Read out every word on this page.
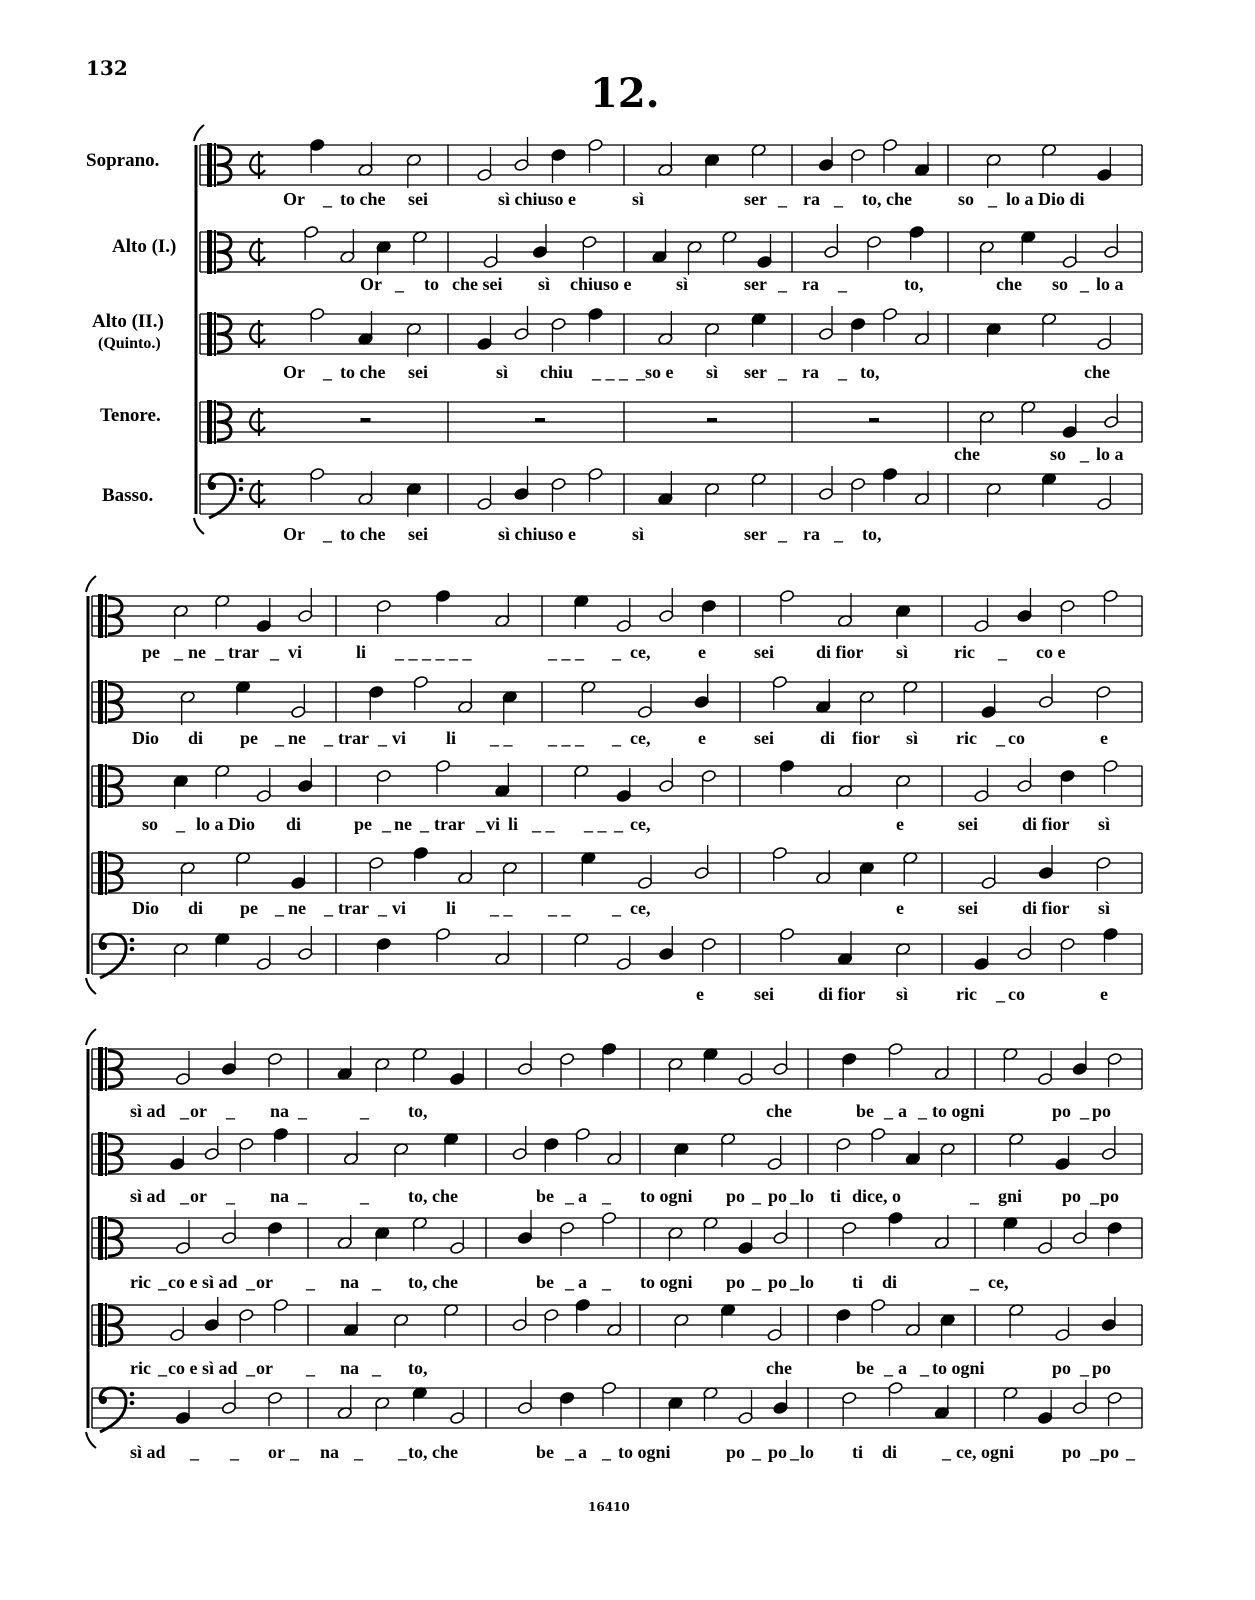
132
12.
16410
Soprano.
Alto (I.)
Alto (II.)
(Quinto.)
Tenore.
Basso.
Or _ to che sei	sì chiuso e	sì	ser _ ra _ to, che	so _ lo a Dio di
Or _ to che sei sì chiuso e sì	ser _ ra _	to,	che so _ lo a
Or _ to che sei	sì chiu _ _ _ _so e sì ser _ ra _ to,	che
che	so _ lo a
Or _ to che sei	sì chiuso e	sì	ser _ ra _ to,
pe _ ne _ trar _ vi	li _ _ _ _ _ _	_ _ _ _ ce,	e	sei di fior sì	ric _ co e
Dio di pe _ ne _ trar _ vi li _ _ _ _ _ _ ce,	e	sei	di fior sì ric _ co	e
so _ lo a Dio di	pe _ ne _ trar _ vi li _ _ _ _ _ ce,	e	sei di fior sì
Dio di pe _ ne _ trar _ vi li _ _ _ _ _ ce,	e	sei di fior sì
e	sei di fior sì	ric _ co	e
sì ad _ or _ na _	_ to,	che	be _ a _ to ogni	po _ po
sì ad _ or _ na _	_ to, che	be _ a _ to ogni po _ po _ lo ti dice, o	_ gni po _ po
ric _ co e sì ad _ or _ na _ to, che	be _ a _ to ogni po _ po _ lo ti di	_ ce,
ric _ co e sì ad _ or _ na _ to,	che	be _ a _ to ogni	po _ po
sì ad _ _ or _ na _ _ to, che	be _ a _ to ogni	po _ po _ lo ti di _ ce, ogni	po _ po _
